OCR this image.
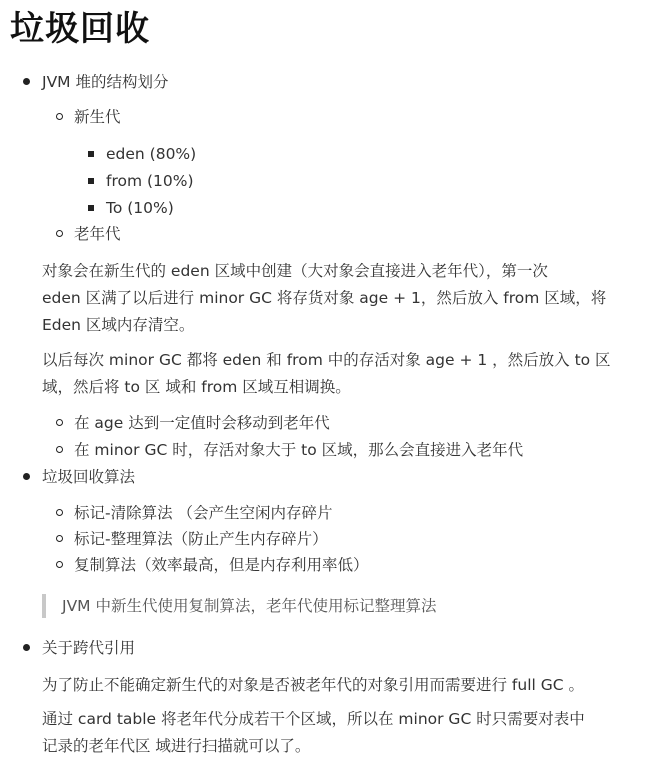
垃圾回收
JVM 堆的结构划分
新生代
eden (80%)
from (10%)
To (10%)
老年代
对象会在新生代的 eden 区域中创建（大对象会直接进入老年代），第一次
eden 区满了以后进行 minor GC 将存货对象 age + 1，然后放入 from 区域，将
Eden 区域内存清空。
以后每次 minor GC 都将 eden 和 from 中的存活对象 age + 1 ，然后放入 to 区
域，然后将 to 区 域和 from 区域互相调换。
在 age 达到一定值时会移动到老年代
在 minor GC 时，存活对象大于 to 区域，那么会直接进入老年代
垃圾回收算法
标记-清除算法 （会产生空闲内存碎片
标记-整理算法（防止产生内存碎片）
复制算法（效率最高，但是内存利用率低）
JVM 中新生代使用复制算法，老年代使用标记整理算法
关于跨代引用
为了防止不能确定新生代的对象是否被老年代的对象引用而需要进行 full GC 。
通过 card table 将老年代分成若干个区域，所以在 minor GC 时只需要对表中
记录的老年代区 域进行扫描就可以了。
